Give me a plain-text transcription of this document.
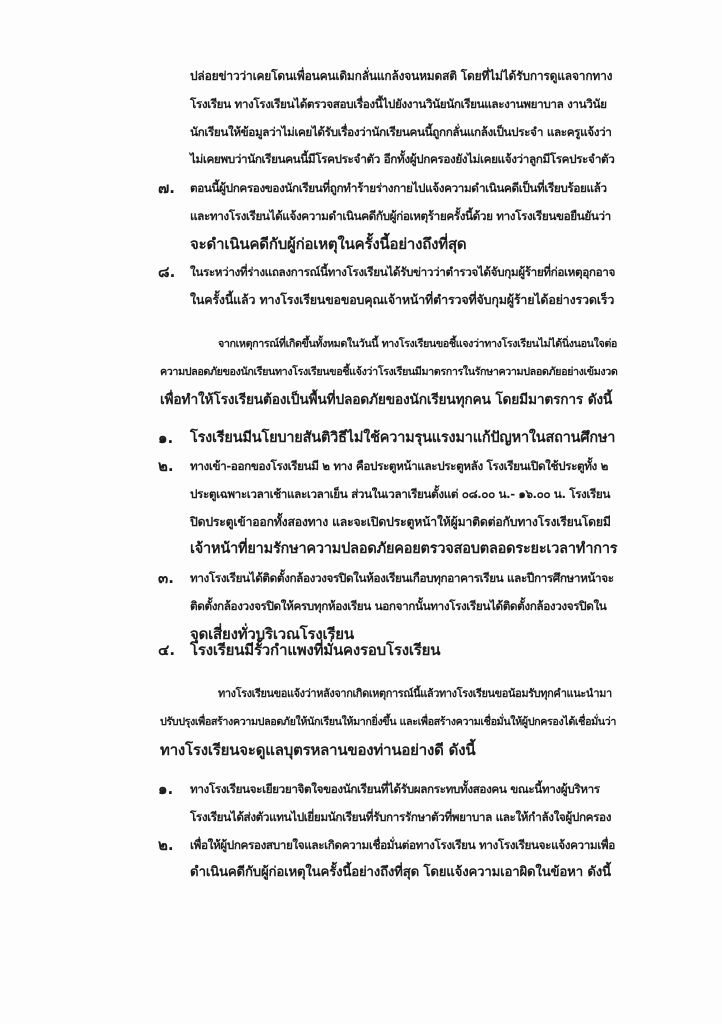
ปล่อยข่าวว่าเคยโดนเพื่อนคนเดิมกลั่นแกล้งจนหมดสติ โดยที่ไม่ได้รับการดูแลจากทาง
โรงเรียน ทางโรงเรียนได้ตรวจสอบเรื่องนี้ไปยังงานวินัยนักเรียนและงานพยาบาล งานวินัย
นักเรียนให้ข้อมูลว่าไม่เคยได้รับเรื่องว่านักเรียนคนนี้ถูกกลั่นแกล้งเป็นประจำ และครูแจ้งว่า
ไม่เคยพบว่านักเรียนคนนี้มีโรคประจำตัว อีกทั้งผู้ปกครองยังไม่เคยแจ้งว่าลูกมีโรคประจำตัว
๗. ตอนนี้ผู้ปกครองของนักเรียนที่ถูกทำร้ายร่างกายไปแจ้งความดำเนินคดีเป็นที่เรียบร้อยแล้ว
และทางโรงเรียนได้แจ้งความดำเนินคดีกับผู้ก่อเหตุร้ายครั้งนี้ด้วย ทางโรงเรียนขอยืนยันว่า
จะดำเนินคดีกับผู้ก่อเหตุในครั้งนี้อย่างถึงที่สุด
๘. ในระหว่างที่ร่างแถลงการณ์นี้ทางโรงเรียนได้รับข่าวว่าตำรวจได้จับกุมผู้ร้ายที่ก่อเหตุอุกอาจ
ในครั้งนี้แล้ว ทางโรงเรียนขอขอบคุณเจ้าหน้าที่ตำรวจที่จับกุมผู้ร้ายได้อย่างรวดเร็ว
จากเหตุการณ์ที่เกิดขึ้นทั้งหมดในวันนี้ ทางโรงเรียนขอชี้แจงว่าทางโรงเรียนไม่ได้นิ่งนอนใจต่อ
ความปลอดภัยของนักเรียนทางโรงเรียนขอชี้แจ้งว่าโรงเรียนมีมาตรการในรักษาความปลอดภัยอย่างเข้มงวด
เพื่อทำให้โรงเรียนต้องเป็นพื้นที่ปลอดภัยของนักเรียนทุกคน โดยมีมาตรการ ดังนี้
๑. โรงเรียนมีนโยบายสันติวิธีไม่ใช้ความรุนแรงมาแก้ปัญหาในสถานศึกษา
๒. ทางเข้า-ออกของโรงเรียนมี ๒ ทาง คือประตูหน้าและประตูหลัง โรงเรียนเปิดใช้ประตูทั้ง ๒
ประตูเฉพาะเวลาเช้าและเวลาเย็น ส่วนในเวลาเรียนตั้งแต่ ๐๘.๐๐ น.- ๑๖.๐๐ น. โรงเรียน
ปิดประตูเข้าออกทั้งสองทาง และจะเปิดประตูหน้าให้ผู้มาติดต่อกับทางโรงเรียนโดยมี
เจ้าหน้าที่ยามรักษาความปลอดภัยคอยตรวจสอบตลอดระยะเวลาทำการ
๓. ทางโรงเรียนได้ติดตั้งกล้องวงจรปิดในห้องเรียนเกือบทุกอาคารเรียน และปีการศึกษาหน้าจะ
ติดตั้งกล้องวงจรปิดให้ครบทุกห้องเรียน นอกจากนั้นทางโรงเรียนได้ติดตั้งกล้องวงจรปิดใน
จุดเสี่ยงทั่วบริเวณโรงเรียน
๔. โรงเรียนมีรั้วกำแพงที่มั่นคงรอบโรงเรียน
ทางโรงเรียนขอแจ้งว่าหลังจากเกิดเหตุการณ์นี้แล้วทางโรงเรียนขอน้อมรับทุกคำแนะนำมา
ปรับปรุงเพื่อสร้างความปลอดภัยให้นักเรียนให้มากยิ่งขึ้น และเพื่อสร้างความเชื่อมั่นให้ผู้ปกครองได้เชื่อมั่นว่า
ทางโรงเรียนจะดูแลบุตรหลานของท่านอย่างดี ดังนี้
๑. ทางโรงเรียนจะเยียวยาจิตใจของนักเรียนที่ได้รับผลกระทบทั้งสองคน ขณะนี้ทางผู้บริหาร
โรงเรียนได้ส่งตัวแทนไปเยี่ยมนักเรียนที่รับการรักษาตัวที่พยาบาล และให้กำลังใจผู้ปกครอง
๒. เพื่อให้ผู้ปกครองสบายใจและเกิดความเชื่อมั่นต่อทางโรงเรียน ทางโรงเรียนจะแจ้งความเพื่อ
ดำเนินคดีกับผู้ก่อเหตุในครั้งนี้อย่างถึงที่สุด โดยแจ้งความเอาผิดในข้อหา ดังนี้
